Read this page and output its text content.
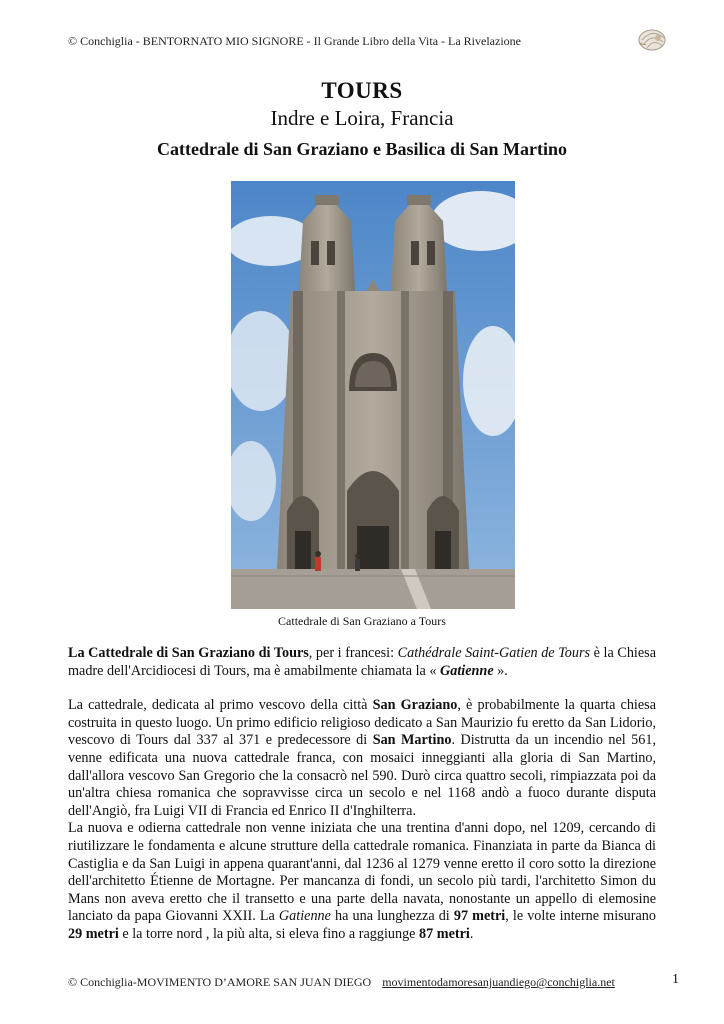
© Conchiglia - BENTORNATO MIO SIGNORE - Il Grande Libro della Vita - La Rivelazione
TOURS
Indre e Loira, Francia
Cattedrale di San Graziano e Basilica di San Martino
Cattedrale di San Graziano a Tours

La Cattedrale di San Graziano di Tours, per i francesi: Cathédrale Saint-Gatien de Tours è la Chiesa madre dell'Arcidiocesi di Tours, ma è amabilmente chiamata la « Gatienne ».

La cattedrale, dedicata al primo vescovo della città San Graziano, è probabilmente la quarta chiesa costruita in questo luogo. Un primo edificio religioso dedicato a San Maurizio fu eretto da San Lidorio, vescovo di Tours dal 337 al 371 e predecessore di San Martino. Distrutta da un incendio nel 561, venne edificata una nuova cattedrale franca, con mosaici inneggianti alla gloria di San Martino, dall'allora vescovo San Gregorio che la consacrò nel 590. Durò circa quattro secoli, rimpiazzata poi da un'altra chiesa romanica che sopravvisse circa un secolo e nel 1168 andò a fuoco durante disputa dell'Angiò, fra Luigi VII di Francia ed Enrico II d'Inghilterra.

La nuova e odierna cattedrale non venne iniziata che una trentina d'anni dopo, nel 1209, cercando di riutilizzare le fondamenta e alcune strutture della cattedrale romanica. Finanziata in parte da Bianca di Castiglia e da San Luigi in appena quarant'anni, dal 1236 al 1279 venne eretto il coro sotto la direzione dell'architetto Étienne de Mortagne. Per mancanza di fondi, un secolo più tardi, l'architetto Simon du Mans non aveva eretto che il transetto e una parte della navata, nonostante un appello di elemosine lanciato da papa Giovanni XXII. La Gatienne ha una lunghezza di 97 metri, le volte interne misurano 29 metri e la torre nord , la più alta, si eleva fino a raggiunge 87 metri.

© Conchiglia-MOVIMENTO D’AMORE SAN JUAN DIEGO movimentodamoresanjuandiego@conchiglia.net	1
